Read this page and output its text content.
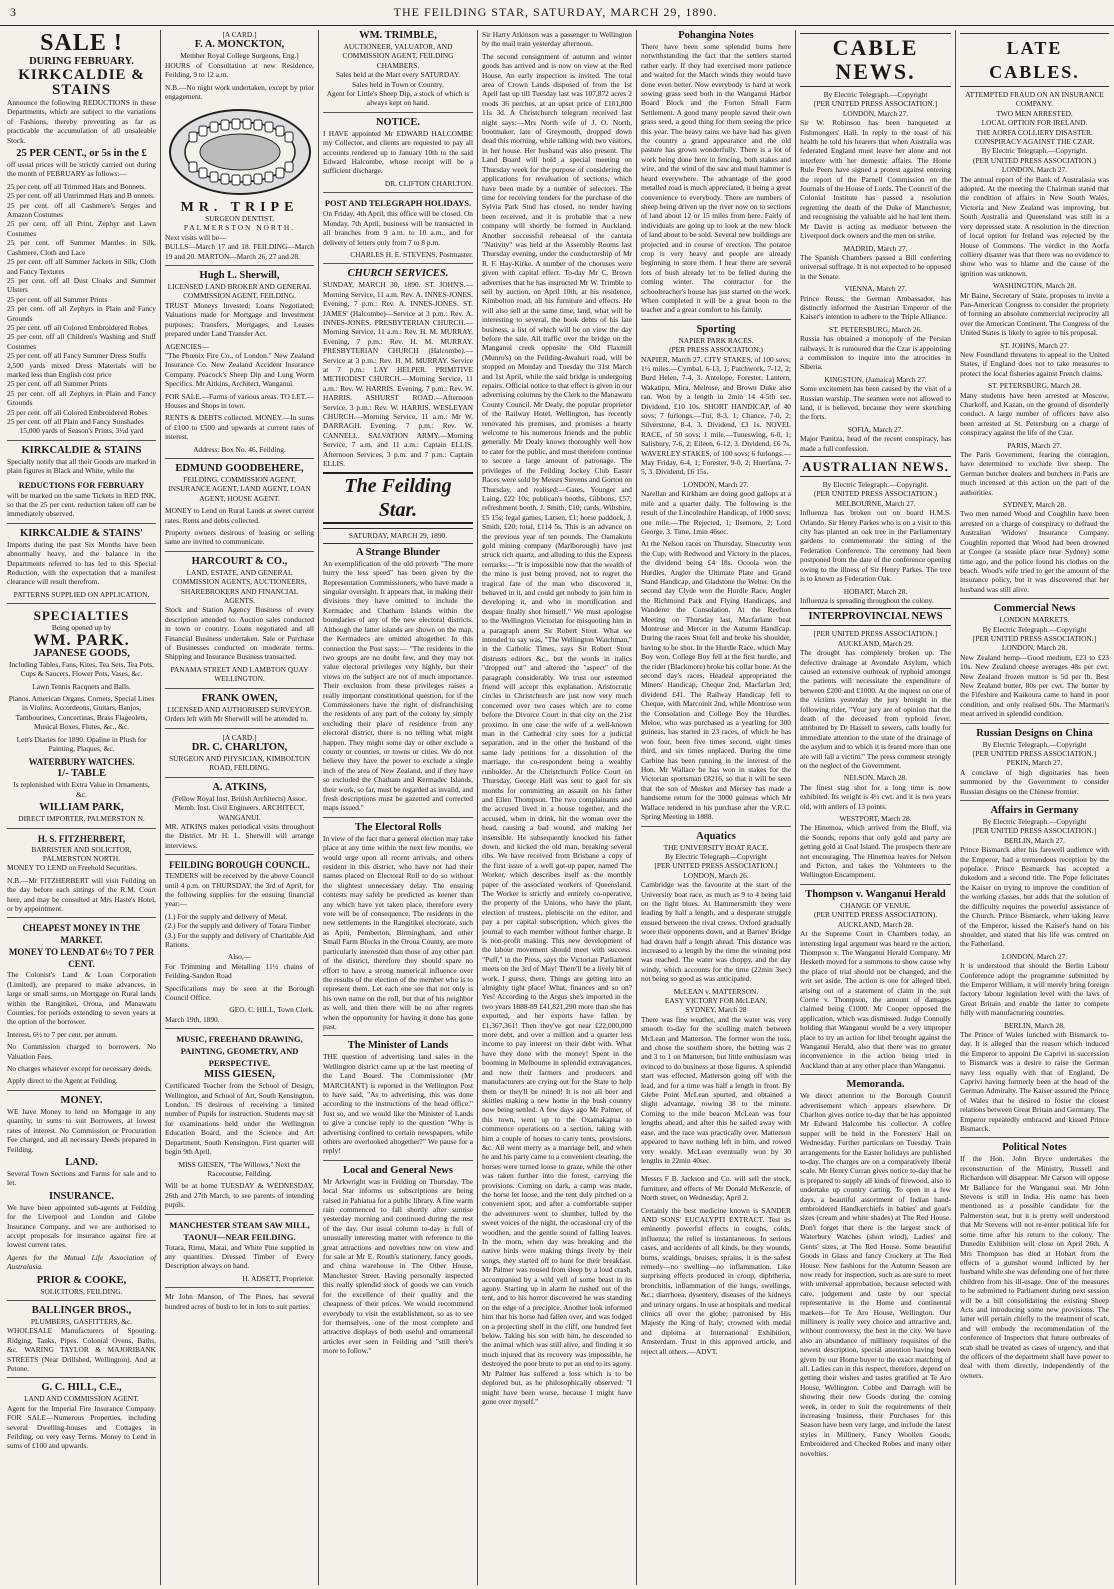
3	THE FEILDING STAR, SATURDAY, MARCH 29, 1890.
SALE !
DURING FEBRUARY.
KIRKCALDIE & STAINS
Announce the following REDUCTIONS in these Departments, which are subject to the variations of Fashions, thereby preventing as far as practicable the accumulation of all unsaleable Stock.
25 PER CENT., or 5s in the £
off usual prices will be strictly carried out during the month of FEBRUARY as follows:—
25 per cent. off all Trimmed Hats and Bonnets.
25 per cent. off all Untrimmed Hats and B onnets.
25 per cent. off all Cashmere's Serges and Amazon Costumes
25 per cent. off all Print, Zephyr and Lawn Costumes
25 per cent. off Summer Mantles in Silk, Cashmere, Cloth and Lace
25 per cent. off all Summer Jackets in Silk, Cloth and Fancy Textures
25 per cent. off all Dust Cloaks and Summer Ulsters
25 per cent. off all Summer Prints
25 per cent. off all Zephyrs in Plain and Fancy Grounds
25 per cent. off all Colored Embroidered Robes
25 per cent. off all Children's Washing and Stuff Costumes
25 per cent. off all Fancy Summer Dress Stuffs
2,500 yards mixed Dress Materials will be marked less than English cost price
25 per cent. off all Summer Prints
25 per cent. off all Zephyrs in Plain and Fancy Grounds
25 per cent. off all Colored Embroidered Robes
25 per cent. off all Plain and Fancy Sunshades
15,000 yards of Season's Prints, 3½d yard
KIRKCALDIE & STAINS
Specially notify that all their Goods are marked in plain figures in Black and White, while the
REDUCTIONS FOR FEBRUARY
will be marked on the same Tickets in RED INK, so that the 25 per cent. reduction taken off can be immediately observed.
KIRKCALDIE & STAINS'
Imports during the past Six Months have been abnormally heavy, and the balance in the Departments referred to has led to this Special Reduction, with the expectation that a manifest clearance will result therefrom.
PATTERNS SUPPLIED ON APPLICATION.
SPECIALTIES
Being opened up by
WM. PARK.
JAPANESE GOODS,
Including Tables, Fans, Kites, Tea Sets, Tea Pots, Cups & Saucers, Flower Pots, Vases, &c.
Lawn Tennis Racquets and Balls.
Pianos, American Organs, Cornets, Special Lines in Violins, Accordeons, Guitars, Banjos, Tambourines, Concertinas, Brass Flageolets, Musical Boxes, Flutes, &c., &c.
Lett's Diaries for 1890. Opaline in Plush for Painting, Plaques, &c.
WATERBURY WATCHES.
1/- TABLE
Is replenished with Extra Value in Ornaments, &c.
WILLIAM PARK,
DIRECT IMPORTER, PALMERSTON N.
H. S. FITZHERBERT,
BARRISTER AND SOLICITOR, PALMERSTON NORTH.
MONEY TO LEND on Freehold Securities.
N.B.—Mr FITZHERBERT will visit Feilding on the day before each sittings of the R.M. Court here, and may be consulted at Mrs Haste's Hotel, or by appointment.
CHEAPEST MONEY IN THE MARKET.
MONEY TO LEND AT 6½ TO 7 PER CENT.
The Colonist's Land & Loan Corporation (Limited), are prepared to make advances, in large or small sums, on Mortgage on Rural lands within the Rangitikei, Oroua, and Manawatu Counties, for periods extending to seven years at the option of the borrower.
Interest, 6½ to 7 per cent. per annum.
No Commission charged to borrowers. No Valuation Fees.
No charges whatever except for necessary deeds.
Apply direct to the Agent at Feilding.
MONEY.
WE have Money to lend on Mortgage in any quantity, in sums to suit Borrowers, at lowest rates of interest. No Commission or Procuration Fee charged, and all necessary Deeds prepared in Feilding.
LAND.
Several Town Sections and Farms for sale and to let.
INSURANCE.
We have been appointed sub-agents at Feilding for the Liverpool and London and Globe Insurance Company, and we are authorised to accept proposals for insurance against fire at lowest current rates.
Agents for the Mutual Life Association of Australasia.
PRIOR & COOKE,
SOLICITORS, FEILDING.
BALLINGER BROS.,
PLUMBERS, GASFITTERS, &c.
WHOLESALE Manufacturers of Spouting, Ridging, Tanks, Pipes. Colonial Ovens, Baths, &c. WARING TAYLOR & MAJORIBANK STREETS (Near Drillshed, Wellington). And at Petone.
G. C. HILL, C.E.,
LAND AND COMMISSION AGENT.
Agent for the Imperial Fire Insurance Company. FOR SALE—Numerous Properties, including several Dwelling-houses and Cottages in Feilding, on very easy Terms. Money to Lend in sums of £100 and upwards.
[A CARD.]
F. A. MONCKTON,
Member Royal College Surgeons, Eng.]
HOURS of Consultation at new Residence, Feilding, 9 to 12 a.m.
N.B.—No night work undertaken, except by prior engagement.
MR. TRIPE
SURGEON DENTIST,
PALMERSTON NORTH.
Next visits will be—
BULLS—March 17 and 18. FEILDING—March 19 and 20. MARTON—March 26, 27 and 28.
Hugh L. Sherwill,
LICENSED LAND BROKER AND GENERAL COMMISSION AGENT, FEILDING.
TRUST Moneys Invested; Loans Negotiated; Valuations made for Mortgage and Investment purposes; Transfers, Mortgages, and Leases prepared under Land Transfer Act.
AGENCIES—
"The Phœnix Fire Co., of London." New Zealand Insurance Co. New Zealand Accident Insurance Company. Peacock's Sheep Dip and Lung Worm Specifics. Mr Aitkins, Architect, Wanganui.
FOR SALE.—Farms of various areas. TO LET.—Houses and Shops in town.
RENTS & DEBTS collected. MONEY.—In sums of £100 to £500 and upwards at current rates of interest.
Address: Box No. 46, Feilding.
EDMUND GOODBEHERE,
FEILDING. COMMISSION AGENT, INSURANCE AGENT, LAND AGENT, LOAN AGENT, HOUSE AGENT.
MONEY to Lend on Rural Lands at sweet current rates. Rents and debts collected.
Property owners desirous of leasing or selling same are invited to communicate.
HARCOURT & CO.,
LAND, ESTATE, AND GENERAL COMMISSION AGENTS, AUCTIONEERS, SHAREBROKERS AND FINANCIAL AGENTS.
Stock and Station Agency Business of every description attended to. Auction sales conducted in town or country. Loans negotiated and all Financial Business undertaken. Sale or Purchase of Businesses conducted on moderate terms. Shipping and Insurance Business transacted.
PANAMA STREET AND LAMBTON QUAY WELLINGTON.
FRANK OWEN,
LICENSED AND AUTHORISED SURVEYOR.
Orders left with Mr Sherwill will be attended to.
[A CARD.]
DR. C. CHARLTON,
SURGEON AND PHYSICIAN, KIMBOLTON ROAD, FEILDING.
A. ATKINS,
(Fellow Royal Inst. British Architects) Assoc. Memb. Inst. Civil Engineers. ARCHITECT, WANGANUI.
MR. ATKINS makes periodical visits throughout the District. Mr H. L. Sherwill will arrange interviews.
FEILDING BOROUGH COUNCIL.
TENDERS will be received by the above Council until 4 p.m. on THURSDAY, the 3rd of April, for the following supplies for the ensuing financial year:—
(1.) For the supply and delivery of Metal.
(2.) For the supply and delivery of Totara Timber
(3.) For the supply and delivery of Charitable Aid Rations.
Also,—
For Trimming and Metalling 11½ chains of Feilding-Sandon Road
Specifications may be seen at the Borough Council Office.
GEO. C. HILL, Town Clerk.
March 19th, 1890.
MUSIC, FREEHAND DRAWING, PAINTING, GEOMETRY, AND PERSPECTIVE.
MISS GIESEN,
Certificated Teacher from the School of Design, Wellington, and School of Art, South Kensington, London, IS desirous of receiving a limited number of Pupils for instruction. Students may sit for examinations held under the Wellington Education Board, and the Science and Art Department, South Kensington. First quarter will begin 9th April.
MISS GIESEN, "The Willows," Next the Racecourse, Feilding.
Will be at home TUESDAY & WEDNESDAY, 26th and 27th March, to see parents of intending pupils.
MANCHESTER STEAM SAW MILL, TAONUI—NEAR FEILDING.
Totara, Rimu, Matai, and White Pine supplied in any quantities. Dressed Timber of Every Description always on hand.
H. ADSETT, Proprietor.
Mr John Manson, of The Pines, has several hundred acres of bush to let in lots to suit parties.
WM. TRIMBLE,
AUCTIONEER, VALUATOR, AND COMMISSION AGENT, FEILDING CHAMBERS.
Sales held at the Mart every SATURDAY.
Sales held in Town or Country.
Agent for Little's Sheep Dip, a stock of which is always kept on hand.
NOTICE.
I HAVE appointed Mr EDWARD HALCOMBE my Collector, and clients are requested to pay all accounts rendered up to January 10th to the said Edward Halcombe, whose receipt will be a sufficient discharge.
DR. CLIFTON CHARLTON.
POST AND TELEGRAPH HOLIDAYS.
On Friday, 4th April, this office will be closed. On Monday, 7th April, business will be transacted in all branches from 9 a.m. to 10 a.m., and for delivery of letters only from 7 to 8 p.m.
CHARLES H. E. STEVENS, Postmaster.
CHURCH SERVICES.
SUNDAY, MARCH 30, 1890. ST. JOHN'S.—Morning Service, 11 a.m. Rev. A. INNES-JONES. Evening, 7 p.m.: Rev. A. INNES-JONES. ST. JAMES' (Halcombe)—Service at 3 p.m.: Rev. A. INNES-JONES. PRESBYTERIAN CHURCH.—Morning Service, 11 a.m.: Rev. H. M. MURRAY. Evening, 7 p.m.: Rev. H. M. MURRAY. PRESBYTERIAN CHURCH (Halcombe).—Service at 3 p.m.: Rev. H. M. MURRAY. Service at 7 p.m.: LAY HELPER. PRIMITIVE METHODIST CHURCH.—Morning Service, 11 a.m.: Rev. W. HARRIS. Evening, 7 p.m.: Rev. W. HARRIS. ASHURST ROAD.—Afternoon Service, 3 p.m.: Rev. W. HARRIS. WESLEYAN CHURCH.—Morning Service, 11 a.m.: Mr W. DARRAGH. Evening, 7 p.m.: Rev. W. CANNELL. SALVATION ARMY.—Morning Service, 7 a.m. and 11 a.m.: Captain ELLIS. Afternoon Services, 3 p.m. and 7 p.m.: Captain ELLIS.
The Feilding Star.
SATURDAY, MARCH 29, 1890.
A Strange Blunder
An exemplification of the old proverb "The more hurry the less speed" has been given by the Representation Commissioners, who have made a singular oversight. It appears that, in making their divisions they have omitted to include the Kermadec and Chatham Islands within the boundaries of any of the new electoral districts. Although the latter islands are shown on the map, the Kermadecs are omitted altogether. In this connection the Post says:— "The residents in the two groups are no doubt few, and they may not value electoral privileges very highly, but their views on the subject are not of much importance. Their exclusion from these privileges raises a really important constitutional question, for if the Commissioners have the right of disfranchising the residents of any part of the colony by simply excluding their place of residence from any electoral district, there is no telling what might happen. They might some day or other exclude a county or counties, or towns or cities. We do not believe they have the power to exclude a single inch of the area of New Zealand, and if they have so excluded the Chatham and Kermadec Islands, their work, so far, must be regarded as invalid, and fresh descriptions must be gazetted and corrected maps issued."
The Electoral Rolls
In view of the fact that a general election may take place at any time within the next few months, we would urge upon all recent arrivals, and others resident in this district, who have not had their names placed on Electoral Roll to do so without the slightest unnecessary delay. The ensuing contests may safely be predicted as keener than any which have yet taken place, therefore every vote will be of consequence. The residents in the new settlements in the Rangitikei electorate, such as Apiti, Pemberton, Birmingham, and other Small Farm Blocks in the Oroua County, are more particularly interested than those of any other part of the district, therefore they should spare no effort to have a strong numerical influence over the results of the election of the member who is to represent them. Let each one see that not only is his own name on the roll, but that of his neighbor as well, and then there will be no after regrets when the opportunity for having it done has gone past.
The Minister of Lands
THE question of advertising land sales in the Wellington district came up at the last meeting of the Land Board. The Commissioner (Mr MARCHANT) is reported in the Wellington Post to have said, "As to advertising, this was done according to the instructions of the head office." Just so, and we would like the Minister of Lands to give a concise reply to the question "Why is advertising confined to certain newspapers, while others are overlooked altogether?" We pause for a reply!
Local and General News
Mr Arkwright was in Feilding on Thursday. The local Star informs us subscriptions are being raised in Pahiatua for a public library. A fine warm rain commenced to fall shortly after sunrise yesterday morning and continued during the rest of the day. Our usual column to-day is full of unusually interesting matter with reference to the great attractions and novelties now on view and for sale at Mr E. Routh's stationery, fancy goods, and china warehouse in The Other House, Manchester Street. Having personally inspected this really splendid stock of goods we can vouch for the excellence of their quality and the cheapness of their prices. We would recommend everybody to visit the establishment, so as to see for themselves, one of the most complete and attractive displays of both useful and ornamental articles ever seen in Feilding and "still there's more to follow."
Sir Harry Atkinson was a passenger to Wellington by the mail train yesterday afternoon.
The second consignment of autumn and winter goods has arrived and is now on view at the Red House. An early inspection is invited. The total area of Crown Lands disposed of from the 1st April last up till Tuesday last was 107,872 acres 2 roods 36 perches, at an upset price of £101,800 11s 3d. A Christchurch telegram received last night says:—Mrs North wife of J. O. North, bootmaker, late of Greymouth, dropped down dead this morning, while talking with two visitors, in her house. Her husband was also present. The Land Board will hold a special meeting on Thursday week for the purpose of considering the applications for revaluation of sections, which have been made by a number of selectors. The time for receiving tenders for the purchase of the Sylvia Park Stud has closed, no tender having been received, and it is probable that a new company will shortly be formed in Auckland. Another successful rehearsal of the cantata "Nativity" was held at the Assembly Rooms last Thursday evening, under the conductorship of Mr R. F. Hay-Kirke. A number of the choruses were given with capital effect. To-day Mr C. Brown advertises that he has instructed Mr W. Trimble to sell by auction, on April 10th, at his residence, Kimbolton road, all his furniture and effects. He will also sell at the same time, land, what will be interesting to several, the book debts of his late business, a list of which will be on view the day before the sale. All traffic over the bridge on the Manganui creek opposite the Old Flaxmill (Munro's) on the Feilding-Awahuri road, will be stopped on Monday and Tuesday the 31st March and 1st April, while the said bridge is undergoing repairs. Official notice to that effect is given in our advertising columns by the Clerk to the Manawatu County Council. Mr Dealy, the popular proprietor of the Railway Hotel, Wellington, has recently renovated his premises, and promises a hearty welcome to his numerous friends and the public generally. Mr Dealy knows thoroughly well how to cater for the public, and must therefore continue to secure a large amount of patronage. The privileges of the Feilding Jockey Club Easter Races were sold by Messrs Stevens and Gorton on Thursday, and realised:—Gates, Younger and Laing, £22 10s; publican's booths, Gibbons, £57; refreshment booth, J. Smith, £10; cards, Wiltshire, £5 15s; legal games, Larsen, £1; horse paddock, J. Smith, £20; total, £114 5s. This is an advance on the previous year of ten pounds. The Oamakutu gold mining company (Marlborough) have just struck rich quartz, and alluding to this the Express remarks:—"It is impossible now that the wealth of the mine is just being proved, not to regret the tragical fate of the man who discovered it, behaved in it, and could get nobody to join him in developing it, and who in mortification and despair finally shot himself." We must apologise to the Wellington Victorian for misquoting him in a paragraph anent Sir Robert Stout. What we intended to say was, "The Wellington Watchman," in the Catholic Times, says Sir Robert Stout distrusts editors &c., but the words in italics "dropped out" and altered the "aspect" of the paragraph considerably. We trust our esteemed friend will accept this explanation. Aristocratic circles in Christchurch are just now very much concerned over two cases which are to come before the Divorce Court in that city on the 21st proximo. In one case the wife of a well-known man in the Cathedral city sues for a judicial separation, and in the other the husband of the same lady petitions for a dissolution of the marriage, the co-respondent being a wealthy runholder. At the Christchurch Police Court on Thursday, George Hall was sent to gaol for six months for committing an assault on his father and Ellen Thompson. The two complainants and the accused lived in a house together, and the accused, when in drink, hit the woman over the head, causing a bad wound, and making her insensible. He subsequently knocked his father down, and kicked the old man, breaking several ribs. We have received from Brisbane a copy of the first issue of a well got-up paper, named The Worker, which describes itself as the monthly paper of the associated workers of Queensland. The Worker is strictly and entirely co-operative, the property of the Unions, who have the plant, election of trustees, plebiscite on the editor, and pay a per capital subscription, which gives the journal to each member without further charge. It is non-profit making. This new development of the labour movement should meet with success. "Puff," in the Press, says the Victorian Parliament meets on the 3rd of May! There'll be a lively bit of work, I guess, there. Things are getting into an almighty tight place! What, finances and so on? Yes! According to the Argus she's imported in the two years 1888-89 £41,821,290 more than she has exported, and her exports have fallen by £1,367,361! Then they've got near £22,000,000 more debt, and over a million and a quarter less income to pay interest on their debt with. What have they done with the money! Spent in the booming in Melbourne in splendid extravagances, and now their farmers and producers and manufacturers are crying out for the State to help them or they'll be ruined! It is not all beer and skittles making a new home in the bush country now being settled. A few days ago Mr Palmer, of this town, went up to the Oxamakapua to commence operations on a section, taking with him a couple of horses to carry tents, provisions, &c. All went merry as a marriage bell, and when he and his party came to a convenient clearing, the horses were turned loose to graze, while the other was taken further into the forest, carrying the provisions. Coming on dark, a camp was made, the horse let loose, and the tent duly pitched on a convenient spot, and after a comfortable supper the adventurers went to slumber, lulled by the sweet voices of the night, the occasional cry of the woodhen, and the gentle sound of falling leaves. In the morn, when day was breaking and the native birds were making things lively by their songs, they started off to hunt for their breakfast. Mr Palmer was roused from sleep by a loud crash, accompanied by a wild yell of some beast in its agony. Starting up in alarm he rushed out of the tent, and to his horror discovered he was standing on the edge of a precipice. Another look informed him that his horse had fallen over, and was lodged on a projecting shelf in the cliff, one hundred feet below. Taking his son with him, he descended to the animal which was still alive, and finding it so much injured that its recovery was impossible, he destroyed the poor brute to put an end to its agony. Mr Palmer has suffered a loss which is to be deplored but, as he philosophically observed: "I might have been worse, because I might have gone over myself."
Pohangina Notes
There have been some splendid burns here notwithstanding the fact that the settlers started rather early. If they had exercised more patience and waited for the March winds they would have done even better. Now everybody is hard at work sowing grass seed both in the Wanganui Harbor Board Block and the Forton Small Farm Settlement. A good many people saved their own grass seed, a good thing for them seeing the price this year. The heavy rains we have had has given the country a grand appearance and the old pasture has grown wonderfully. There is a lot of work being done here in fencing, both stakes and wire, and the wind of the saw and maul hammer is heard everywhere. The advantage of the good metalled road is much appreciated, it being a great convenience to everybody. There are numbers of sheep being driven up the river now on to sections of land about 12 or 15 miles from here. Fairly of individuals are going up to look at the new block of land about to be sold. Several new buildings are projected and in course of erection. The potatoe crop is very heavy and people are already beginning to store them. I hear there are several lots of bush already let to be felled during the coming winter. The contractor for the schoolteacher's house has just started on the work. When completed it will be a great boon to the teacher and a great comfort to his family.
Sporting
NAPIER PARK RACES.
(PER PRESS ASSOCIATION.)
NAPIER, March 27. CITY STAKES, of 100 sovs; 1½ miles.—Cymbal, 6-13, 1; Patchwork, 7-12, 2; Burd Helen, 7-4, 3. Antelope, Forester, Lantern, Wakatipu, Mira, Melrose, and Brown Duke also ran. Won by a length in 2min 14 4-5th sec. Dividend, £10 10s. SHORT HANDICAP, of 40 sovs; 7 furlongs.—Tui, 8-3, 1; Chance, 7-0, 2; Silverstone, 8-4, 3. Dividend, £3 1s. NOVEL RACE, of 50 sovs; 1 mile.—Tuneswing, 6-0, 1; Salisbury, 7-6, 2; Eileen, 6-12, 3. Dividend, £6 7s. WAVERLEY STAKES, of 100 sovs; 6 furlongs.—May Friday, 6-4, 1; Forester, 9-0, 2; Huerfana, 7-5, 3. Dividend, £6 15s.
LONDON, March 27.
Narellan and Kirkham are doing good gallops at a mile and a quarter daily. The following is the result of the Lincolnshire Handicap, of 1000 sovs; one mile.—The Rejected, 1; Ilsemore, 2; Lord George, 3. Time, 1min 46sec.
At the Nelson races on Thursday, Sinecurity won the Cup, with Redwood and Victory in the places, the dividend being £4 18s. Ocoola won the Hurdles, Angler the Ultimate Plate and Grand Stand Handicap, and Gladstone the Welter. On the second day Clyde won the Hurdle Race, Angler the Richmond Park and Flying Handicaps, and Wanderer the Consolation. At the Reefton Meeting on Thursday last, Macfarlane beat Montrose and Mercer in the Autumn Handicap. During the races Stoat fell and broke his shoulder, having to be shot. In the Hurdle Race, which May Boy won, College Boy fell at the first hurdle, and the rider (Blackmore) broke his collar bone. At the second day's races, Headeal appropriated the Miners' Handicap, Cheque 2nd, Macfarlan 3rd; dividend £41. The Railway Handicap fell to Cheque, with Marcoinit 2nd, while Montrose won the Consolation and College Boy the Hurdles. Meloe, who was purchased as a yearling for 300 guineas, has started in 23 races, of which he has won four, been five times second, eight times third, and six times unplaced. During the time Carbine has been running in the interest of the Hon. Mr Wallace he has won in stakes for the Victorian sportsman £8216, so that it will be seen that the son of Musket and Mersey has made a handsome return for the 3000 guineas which Mr Wallace tendered in his purchase after the V.R.C. Spring Meeting in 1888.
Aquatics
THE UNIVERSITY BOAT RACE.
By Electric Telegraph—Copyright
[PER UNITED PRESS ASSOCIATION.]
LONDON, March 26.
Cambridge was the favourite at the start of the University boat race, as much as 9 to 4 being laid on the light blues. At Hammersmith they were leading by half a length, and a desperate struggle ensued between the rival crews. Oxford gradually wore their opponents down, and at Barnes' Bridge had drawn half a length ahead. This distance was increased to a length by the time the winning post was reached. The water was choppy, and the day windy, which accounts for the time (22min 3sec) not being so good as was anticipated.
McLEAN v. MATTERSON.
EASY VICTORY FOR McLEAN.
SYDNEY, March 28
There was fine weather, and the water was very smooth to-day for the sculling match between McLean and Matterson. The former won the toss, and chose the southern shore, the betting was 2 and 3 to 1 on Matterson, but little enthusiasm was evinced to do business at those figures. A splendid start was effected, Matterson going off with the lead, and for a time was half a length in front. By Glebe Point McLean spurted, and obtained a slight advantage, rowing 38 to the minute. Coming to the mile beacon McLean was four lengths ahead, and after this he sailed away with ease, and the race was practically over. Matterson appeared to have nothing left in him, and rowed very weakly. McLean eventually won by 30 lengths in 22min 40sec.
Messrs F B. Jackson and Co. will sell the stock, furniture, and effects of Mr Donald McKenzie, of North street, on Wednesday, April 2.
Certainly the best medicine known is SANDER AND SONS' EUCALYPTI EXTRACT. Test its eminently powerful effects in coughs, colds, influenza; the relief is instantaneous. In serious cases, and accidents of all kinds, be they wounds, burns, scaldings, bruises, sprains, it is the safest remedy—no swelling—no inflammation. Like surprising effects produced in croup, diphtheria, bronchitis, inflammation of the lungs, swellings, &c.; diarrhoea, dysentery, diseases of the kidneys and urinary organs. In use at hospitals and medical clinics all over the globe; patronised by His Majesty the King of Italy; crowned with medal and diploma at International Exhibition, Amsterdam. Trust in this approved article, and reject all others.—ADVT.
CABLE NEWS.
By Electric Telegraph.—Copyright
[PER UNITED PRESS ASSOCIATION.]
LONDON, March 27.
Sir W. Robinson has been banqueted at Fishmongers' Hall. In reply to the toast of his health he told his hearers that when Australia was federated England must leave her alone and not interfere with her domestic affairs. The Home Rule Peers have signed a protest against entering the report of the Parnell Commission on the Journals of the House of Lords. The Council of the Colonial Institute has passed a resolution regretting the death of the Duke of Manchester, and recognising the valuable aid he had lent them. Mr Davitt is acting as mediator between the Liverpool dock owners and the men on strike.
MADRID, March 27.
The Spanish Chambers passed a Bill conferring universal suffrage. It is not expected to be opposed in the Senate.
VIENNA, March 27.
Prince Reuss, the German Ambassador, has distinctly informed the Austrian Emperor of the Kaiser's intention to adhere to the Triple Alliance.
ST. PETERSBURG, March 26.
Russia has obtained a monopoly of the Persian railways. It is rumoured that the Czar is appointing a commission to inquire into the atrocities in Siberia.
KINGSTON, (Jamaica) March 27.
Some excitement has been caused by the visit of a Russian warship. The seamen were not allowed to land, it is believed, because they were sketching the forts.
SOFIA, March 27.
Major Panitza, head of the recent conspiracy, has made a full confession.
AUSTRALIAN NEWS.
By Electric Telegraph.—Copyright.
(PER UNITED PRESS ASSOCIATION.)
MELBOURNE, March 27.
Influenza has broken out on board H.M.S. Orlando. Sir Henry Parkes who is on a visit to this city has planted an oak tree in the Parliamentary gardens to commemorate the sitting of the Federation Conference. The ceremony had been postponed from the date of the conference opening owing to the illness of Sir Henry Parkes. The tree is to known as Federation Oak.
HOBART, March 28.
Influenza is spreading throughout the colony.
INTERPROVINCIAL NEWS
[PER UNITED PRESS ASSOCIATION.]
AUCKLAND, March 29.
The drought has completely broken up. The defective drainage at Avondale Asylum, which caused an extensive outbreak of typhoid amongst the patients will necessitate the expenditure of between £200 and £1000. At the inquest on one of the victims yesterday the jury brought in the following rider, "Your jury are of opinion that the death of the deceased from typhoid fever, attributed by Dr Hassell to sewers, calls loudly for immediate attention to the state of the drainage of the asylum and to which it is feared more than one are will fall a victim." The press comment strongly on the neglect of the Government.
NELSON, March 28.
The finest stag shot for a long time is now exhibited. Its weight is 4½ cwt. and it is two years old, with antlers of 13 points.
WESTPORT, March 28.
The Hinemoa, which arrived from the Bluff, via the Sounds, reports that only gold and party are getting gold at Coal Island. The prospects there are not encouraging. The Hinemoa leaves for Nelson and Picton, and takes the Volunteers to the Wellington Encampment.
Thompson v. Wanganui Herald
CHANGE OF VENUE.
(PER UNITED PRESS ASSOCIATION).
AUCKLAND, March 28.
At the Supreme Court in Chambers today, an interesting legal argument was heard re the action, Thompson v. The Wanganui Herald Company. Mr Hesketh moved for a summons to show cause why the place of trial should not be changed, and the writ set aside. The action is one for alleged libel, arising out of a statement of claim in the suit Corrie v. Thompson, the amount of damages claimed being £1000. Mr Cooper opposed the application, which was dismissed. Judge Connolly holding that Wanganui would be a very improper place to try an action for libel brought against the Wanganui Herald, also that there was no greater inconvenience in the action being tried in Auckland than at any other place than Wanganui.
Memoranda.
We direct attention to the Borough Council advertisement which appears elsewhere. Dr Charlton gives notice to-day that he has appointed Mr Edward Halcombe his collector. A coffee supper will be held in the Foresters' Hall on Wednesday. Further particulars on Tuesday. Train arrangements for the Easter holidays are published to-day. The charges are on a comparatively liberal scale. Mr Henry Curran gives notice to-day that he is prepared to supply all kinds of firewood, also to undertake up country carting. To open in a few days, a beautiful assortment of Indian hand-embroidered Handkerchiefs in babies' and goat's sizes (cream and white shades) at The Red House. Don't forget that there is the largest stock of Waterbury Watches (short wind), Ladies' and Gents' sizes, at The Red House. Some beautiful Goods in Glass and fancy Crockery at The Red House. New fashions for the Autumn Season are now ready for inspection, such as are sure to meet with universal approbation, because selected with care, judgement and taste by our special representative in the Home and continental markets—for Te Aro House, Wellington. Our millinery is really very choice and attractive and, without controversy, the best in the city. We have also an abundance of millinery requisites of the newest description, special attention having been given by our Home buyer to the exact matching of all. Ladies can in this respect, therefore, depend on getting their wishes and tastes gratified at Te Aro House, Wellington. Cobbe and Darragh will be showing their new Goods during the coming week, in order to suit the requirements of their increasing business, their Purchases for this Season have been very large, and include the latest styles in Millinery, Fancy Woollen Goods, Embroidered and Checked Robes and many other novelties.
LATE CABLES.
ATTEMPTED FRAUD ON AN INSURANCE COMPANY.
TWO MEN ARRESTED.
LOCAL OPTION FOR IRELAND.
THE AORFA COLLIERY DISASTER.
CONSPIRACY AGAINST THE CZAR.
By Electric Telegraph.—Copyright.
(PER UNITED PRESS ASSOCIATION.)
LONDON, March 27.
The annual report of the Bank of Australasia was adopted. At the meeting the Chairman stated that the condition of affairs in New South Wales, Victoria and New Zealand was improving, but South Australia and Queensland was still in a very depressed state. A resolution in the direction of local option for Ireland was rejected by the House of Commons. The verdict in the Aorfa colliery disaster was that there was no evidence to show who was to blame and the cause of the ignition was unknown.
WASHINGTON, March 28.
Mr Baine, Secretary of State, proposes to invite a Pan-American Congress to consider the propriety of forming an absolute commercial reciprocity all over the American Continent. The Congress of the United States is likely to agree to his proposal.
ST. JOHNS, March 27.
New Foundland threatens to appeal to the United States, if England does not to take measures to protect the local fisheries against French claims.
ST. PETERSBURG, March 28.
Many students have been arrested at Moscow, Charkoff, and Kazan, on the ground of disorderly conduct. A large number of officers have also been arrested at St. Petersburg on a charge of conspiracy against the life of the Czar.
PARIS, March 27.
The Paris Government, fearing the contagion, have determined to exclude live sheep. The German butcher dealers and butchers in Paris are much incensed at this action on the part of the authorities.
SYDNEY, March 28.
Two men named Wood and Coughlin have been arrested on a charge of conspiracy to defraud the Australian Widows' Insurance Company. Coughlin reported that Wood had been drowned at Coogee (a seaside place near Sydney) some time ago, and the police found his clothes on the beach. Wood's wife tried to get the amount of the insurance policy, but it was discovered that her husband was still alive.
Commercial News
LONDON MARKETS.
By Electric Telegraph.—Copyright
[PER UNITED PRESS ASSOCIATION.]
LONDON, March 28.
New Zealand hemp—Good medium, £23 to £23 10s. New Zealand cheese averages 48s per cwt. New Zealand frozen mutton is 5d per lb. Best New Zealand butter, 80s per cwt. The butter by the Fifeshire and Kaikoura came to hand in poor condition, and only realised 60s. The Marmari's meat arrived in splendid condition.
Russian Designs on China
By Electric Telegraph.—Copyright
[PER UNITED PRESS ASSOCIATION.]
PEKIN, March 27.
A conclave of high dignitaries has been summoned by the Government to consider Russian designs on the Chinese frontier.
Affairs in Germany
By Electric Telegraph.—Copyright
[PER UNITED PRESS ASSOCIATION.]
BERLIN, March 27.
Prince Bismarck after his farewell audience with the Emperor, had a tremendous reception by the populace. Prince Bismarck has accepted a dukedom and a second title. The Pope felicitates the Kaiser on trying to improve the condition of the working classes, but adds that the solution of the difficulty requires the powerful assistance of the Church. Prince Bismarck, when taking leave of the Emperor, kissed the Kaiser's hand on his shoulder, and stated that his life was centred on the Fatherland.
LONDON, March 27.
It is understood that should the Berlin Labour Conference adopt the programme submitted by the Emperor William, it will merely bring foreign factory labour legislation level with the laws of Great Britain and enable the latter to compete fully with manufacturing countries.
BERLIN, March 28.
The Prince of Wales lunched with Bismarck to-day. It is alleged that the reason which induced the Emperor to appoint De Caprivi in succession to Bismarck was a desire to raise the German navy less equally with that of England, De Caprivi having formerly been at the head of the German Admiralty. The Kaiser assured the Prince of Wales that he desired to foster the closest relations between Great Britain and Germany. The Emperor repeatedly embraced and kissed Prince Bismarck.
Political Notes
If the Hon. John Bryce undertakes the reconstruction of the Ministry, Russell and Richardson will disappear. Mr Carson will oppose Mr Ballance for the Wanganui seat. Mr John Stevens is still in India. His name has been mentioned as a possible candidate for the Palmerston seat, but it is pretty well understood that Mr Stevens will not re-enter political life for some time after his return to the colony. The Dunedin Exhibition will close on April 26th. A Mrs Thompson has died at Hobart from the effects of a gunshot wound inflicted by her husband while she was defending one of her three children from his ill-usage. One of the measures to be submitted to Parliament during next session will be a bill consolidating the existing Sheep Acts and introducing some new provisions. The latter will pertain chiefly to the treatment of scab, and will embody the recommendation of the conference of Inspectors that future outbreaks of scab shall be treated as cases of urgency, and that the officers of the department shall have power to deal with them directly, independently of the owners.
